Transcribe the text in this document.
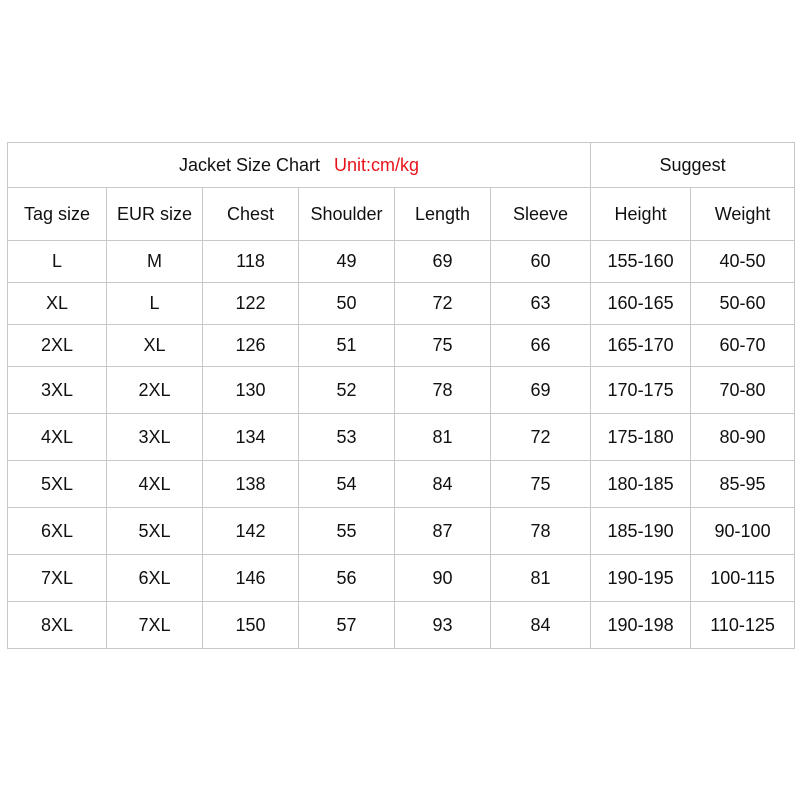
Jacket Size Chart Unit:cm/kg						Suggest	
Tag size	EUR size	Chest	Shoulder	Length	Sleeve	Height	Weight
L	M	118	49	69	60	155-160	40-50
XL	L	122	50	72	63	160-165	50-60
2XL	XL	126	51	75	66	165-170	60-70
3XL	2XL	130	52	78	69	170-175	70-80
4XL	3XL	134	53	81	72	175-180	80-90
5XL	4XL	138	54	84	75	180-185	85-95
6XL	5XL	142	55	87	78	185-190	90-100
7XL	6XL	146	56	90	81	190-195	100-115
8XL	7XL	150	57	93	84	190-198	110-125
